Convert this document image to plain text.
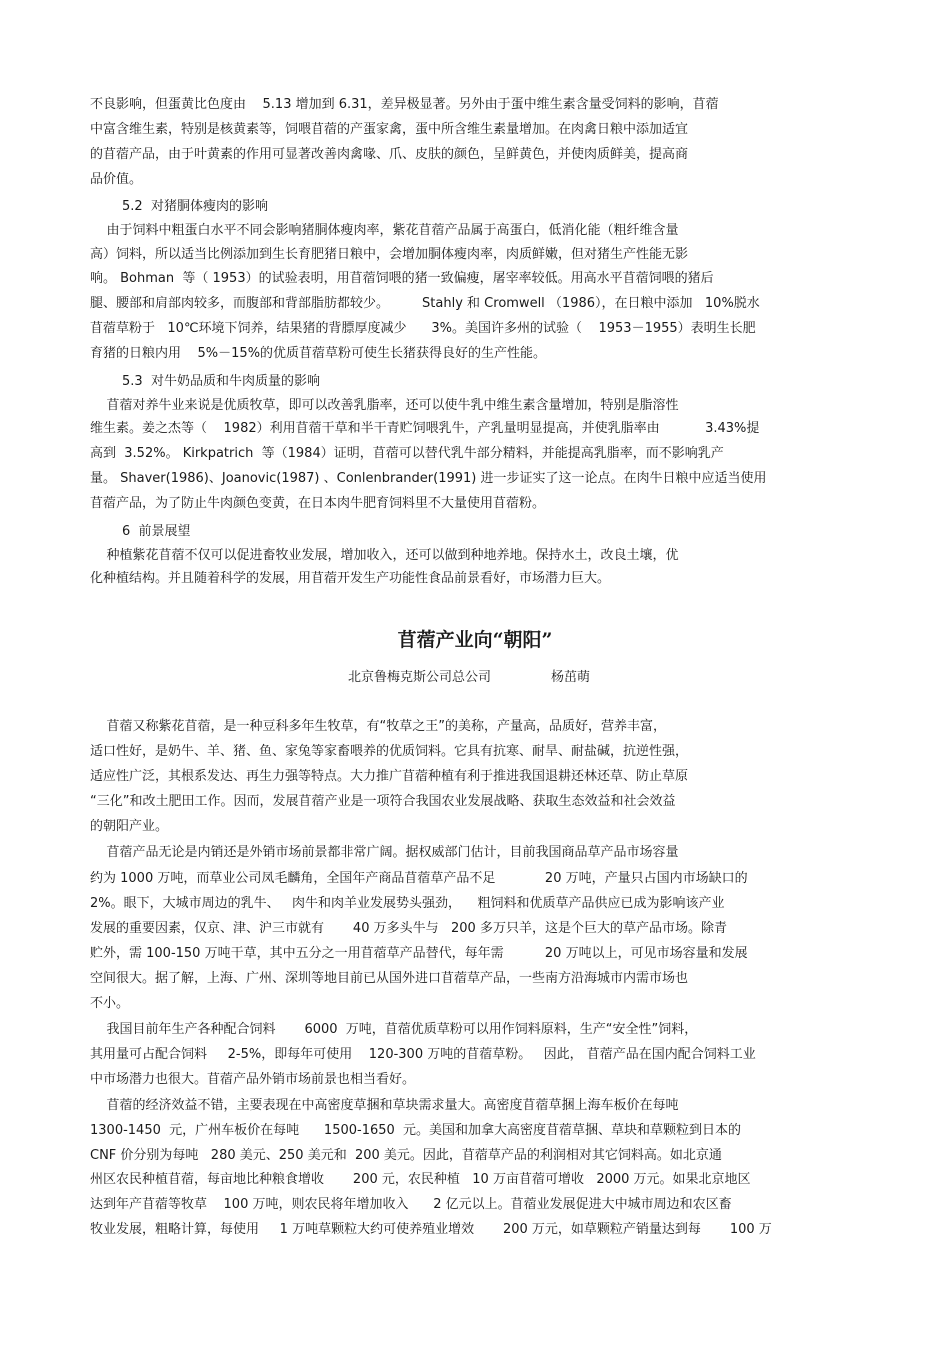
不良影响，但蛋黄比色度由    5.13 增加到 6.31，差异极显著。另外由于蛋中维生素含量受饲料的影响，苜蓿

中富含维生素，特别是核黄素等，饲喂苜蓿的产蛋家禽，蛋中所含维生素量增加。在肉禽日粮中添加适宜

的苜蓿产品，由于叶黄素的作用可显著改善肉禽喙、爪、皮肤的颜色，呈鲜黄色，并使肉质鲜美，提高商

品价值。

5.2  对猪胴体瘦肉的影响

由于饲料中粗蛋白水平不同会影响猪胴体瘦肉率，紫花苜蓿产品属于高蛋白，低消化能（粗纤维含量

高）饲料，所以适当比例添加到生长育肥猪日粮中，会增加胴体瘦肉率，肉质鲜嫩，但对猪生产性能无影

响。 Bohman  等（ 1953）的试验表明，用苜蓿饲喂的猪一致偏瘦，屠宰率较低。用高水平苜蓿饲喂的猪后

腿、腰部和肩部肉较多，而腹部和背部脂肪都较少。        Stahly 和 Cromwell （1986），在日粮中添加   10%脱水

苜蓿草粉于   10℃环境下饲养，结果猪的背膘厚度减少      3%。美国许多州的试验（    1953－1955）表明生长肥

育猪的日粮内用    5%－15%的优质苜蓿草粉可使生长猪获得良好的生产性能。

5.3  对牛奶品质和牛肉质量的影响

苜蓿对养牛业来说是优质牧草，即可以改善乳脂率，还可以使牛乳中维生素含量增加，特别是脂溶性

维生素。姜之杰等（    1982）利用苜蓿干草和半干青贮饲喂乳牛，产乳量明显提高，并使乳脂率由           3.43%提

高到  3.52%。 Kirkpatrich  等（1984）证明，苜蓿可以替代乳牛部分精料，并能提高乳脂率，而不影响乳产

量。 Shaver(1986)、Joanovic(1987) 、Conlenbrander(1991) 进一步证实了这一论点。在肉牛日粮中应适当使用

苜蓿产品，为了防止牛肉颜色变黄，在日本肉牛肥育饲料里不大量使用苜蓿粉。

6  前景展望

种植紫花苜蓿不仅可以促进畜牧业发展，增加收入，还可以做到种地养地。保持水土，改良土壤，优

化种植结构。并且随着科学的发展，用苜蓿开发生产功能性食品前景看好，市场潜力巨大。

苜蓿产业向“朝阳”

北京鲁梅克斯公司总公司	杨茁萌

苜蓿又称紫花苜蓿，是一种豆科多年生牧草，有“牧草之王”的美称，产量高，品质好，营养丰富，

适口性好，是奶牛、羊、猪、鱼、家兔等家畜喂养的优质饲料。它具有抗寒、耐旱、耐盐碱，抗逆性强，

适应性广泛，其根系发达、再生力强等特点。大力推广苜蓿种植有利于推进我国退耕还林还草、防止草原

“三化”和改土肥田工作。因而，发展苜蓿产业是一项符合我国农业发展战略、获取生态效益和社会效益

的朝阳产业。

苜蓿产品无论是内销还是外销市场前景都非常广阔。据权威部门估计，目前我国商品草产品市场容量

约为 1000 万吨，而草业公司凤毛麟角，全国年产商品苜蓿草产品不足            20 万吨，产量只占国内市场缺口的

2%。眼下，大城市周边的乳牛、   肉牛和肉羊业发展势头强劲，    粗饲料和优质草产品供应已成为影响该产业

发展的重要因素，仅京、津、沪三市就有       40 万多头牛与   200 多万只羊，这是个巨大的草产品市场。除青

贮外，需 100-150 万吨干草，其中五分之一用苜蓿草产品替代，每年需          20 万吨以上，可见市场容量和发展

空间很大。据了解，上海、广州、深圳等地目前已从国外进口苜蓿草产品，一些南方沿海城市内需市场也

不小。

我国目前年生产各种配合饲料       6000  万吨，苜蓿优质草粉可以用作饲料原料，生产“安全性”饲料，

其用量可占配合饲料     2-5%，即每年可使用    120-300 万吨的苜蓿草粉。   因此， 苜蓿产品在国内配合饲料工业

中市场潜力也很大。苜蓿产品外销市场前景也相当看好。

苜蓿的经济效益不错，主要表现在中高密度草捆和草块需求量大。高密度苜蓿草捆上海车板价在每吨

1300-1450  元，广州车板价在每吨      1500-1650  元。美国和加拿大高密度苜蓿草捆、草块和草颗粒到日本的

CNF 价分别为每吨   280 美元、250 美元和  200 美元。因此，苜蓿草产品的利润相对其它饲料高。如北京通

州区农民种植苜蓿，每亩地比种粮食增收       200 元，农民种植   10 万亩苜蓿可增收   2000 万元。如果北京地区

达到年产苜蓿等牧草    100 万吨，则农民将年增加收入      2 亿元以上。苜蓿业发展促进大中城市周边和农区畜

牧业发展，粗略计算，每使用     1 万吨草颗粒大约可使养殖业增效       200 万元，如草颗粒产销量达到每       100 万
